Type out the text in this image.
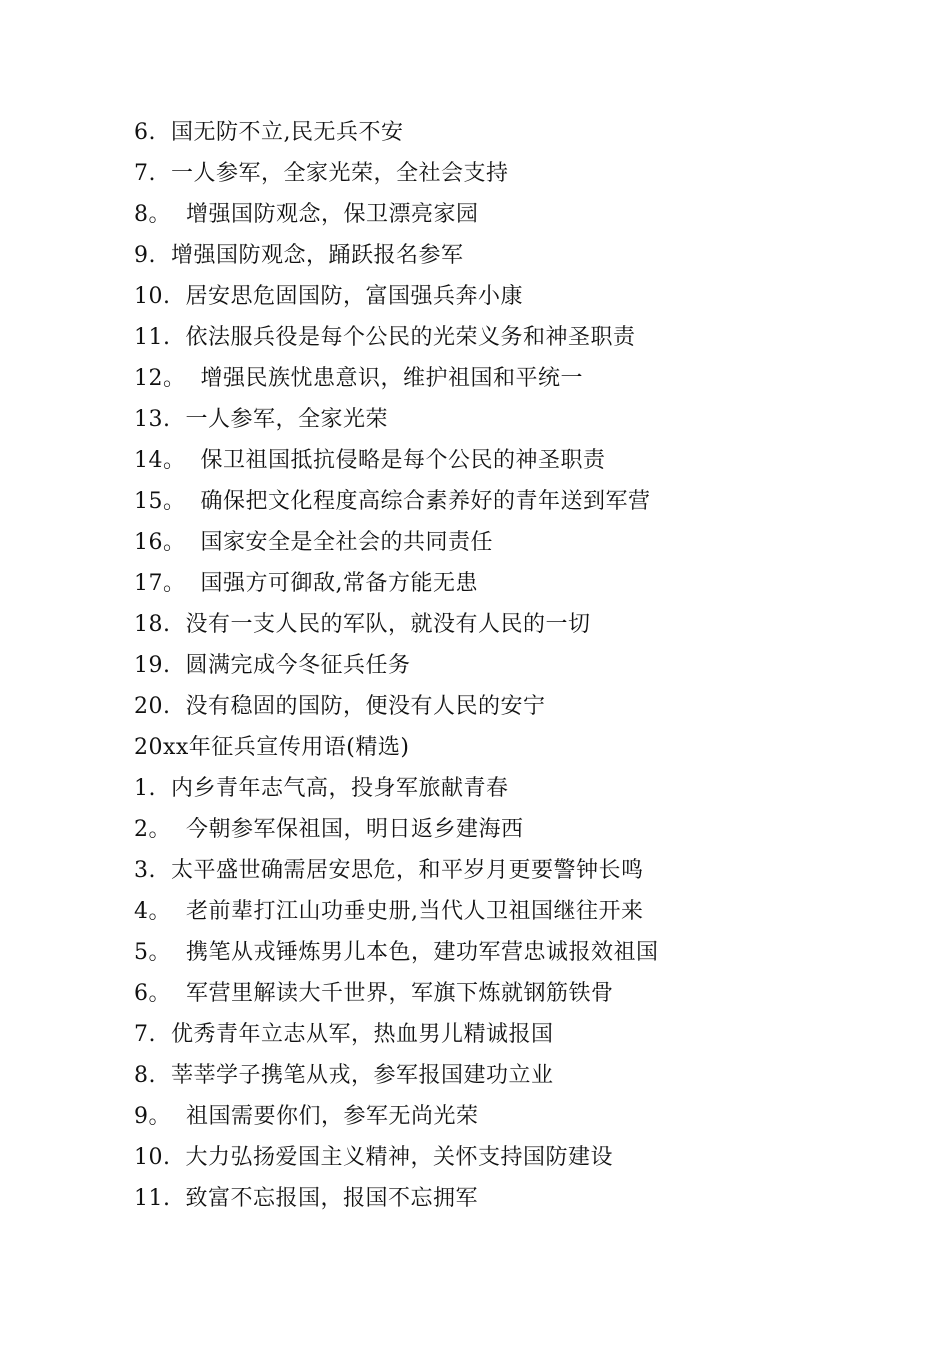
6.  国无防不立,民无兵不安
7.  一人参军，全家光荣，全社会支持
8。  增强国防观念，保卫漂亮家园
9.  增强国防观念，踊跃报名参军
10.  居安思危固国防，富国强兵奔小康
11.  依法服兵役是每个公民的光荣义务和神圣职责
12。  增强民族忧患意识，维护祖国和平统一
13.  一人参军，全家光荣
14。  保卫祖国抵抗侵略是每个公民的神圣职责
15。  确保把文化程度高综合素养好的青年送到军营
16。  国家安全是全社会的共同责任
17。  国强方可御敌,常备方能无患
18.  没有一支人民的军队，就没有人民的一切
19.  圆满完成今冬征兵任务
20.  没有稳固的国防，便没有人民的安宁
20xx年征兵宣传用语(精选)
1.  内乡青年志气高，投身军旅献青春
2。  今朝参军保祖国，明日返乡建海西
3.  太平盛世确需居安思危，和平岁月更要警钟长鸣
4。  老前辈打江山功垂史册,当代人卫祖国继往开来
5。  携笔从戎锤炼男儿本色，建功军营忠诚报效祖国
6。  军营里解读大千世界，军旗下炼就钢筋铁骨
7.  优秀青年立志从军，热血男儿精诚报国
8.  莘莘学子携笔从戎，参军报国建功立业
9。  祖国需要你们，参军无尚光荣
10.  大力弘扬爱国主义精神，关怀支持国防建设
11.  致富不忘报国，报国不忘拥军
